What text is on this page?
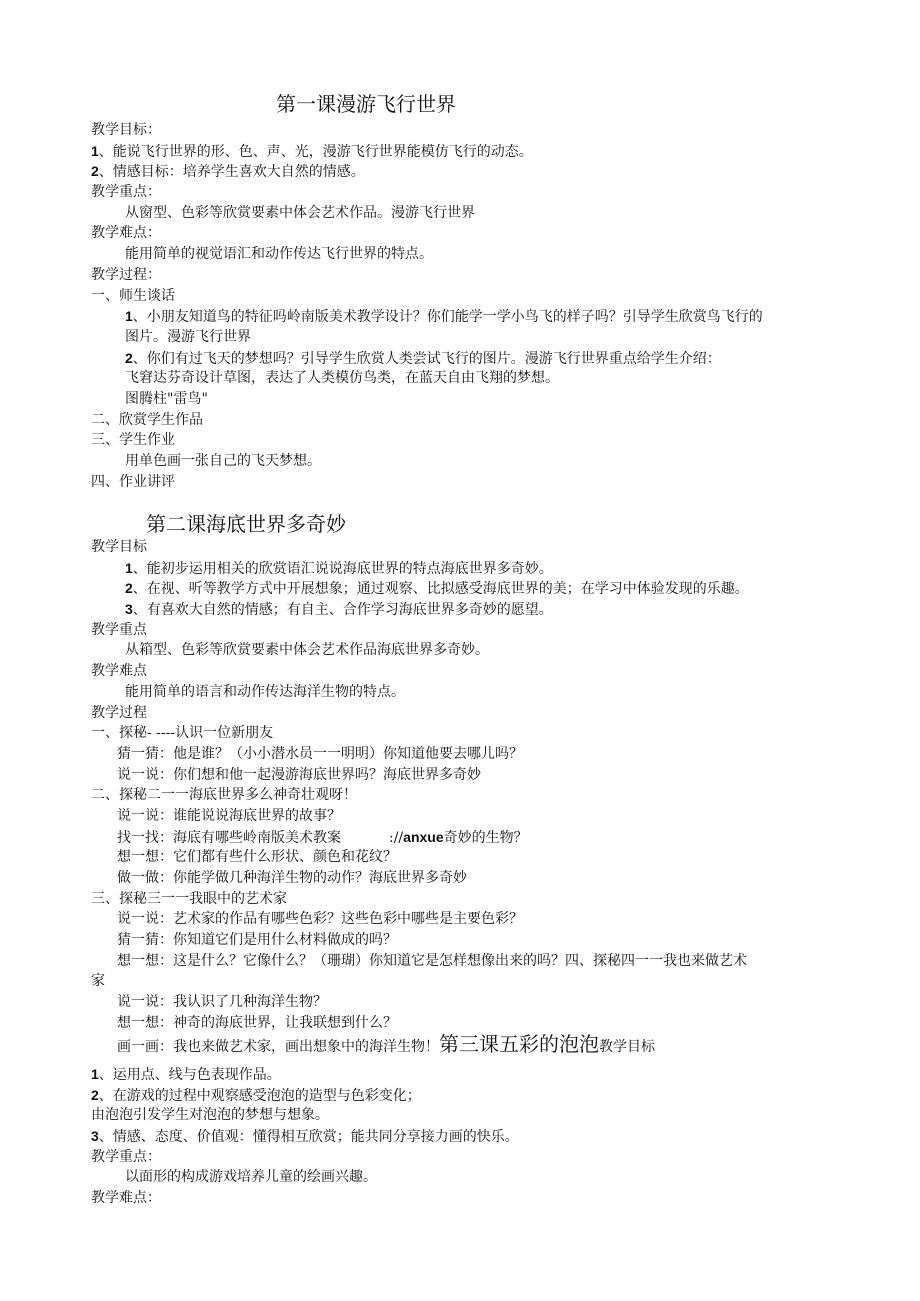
第一课漫游飞行世界
教学目标：
1、能说飞行世界的形、色、声、光，漫游飞行世界能模仿飞行的动态。
2、情感目标：培养学生喜欢大自然的情感。
教学重点：
从窗型、色彩等欣赏要素中体会艺术作品。漫游飞行世界
教学难点：
能用简单的视觉语汇和动作传达飞行世界的特点。
教学过程：
一、师生谈话
1、小朋友知道鸟的特征吗岭南版美术教学设计？你们能学一学小鸟飞的样子吗？引导学生欣赏鸟飞行的
图片。漫游飞行世界
2、你们有过飞天的梦想吗？引导学生欣赏人类尝试飞行的图片。漫游飞行世界重点给学生介绍：
飞窘达芬奇设计草图，表达了人类模仿鸟类，在蓝天自由飞翔的梦想。
图腾柱"雷鸟"
二、欣赏学生作品
三、学生作业
用单色画一张自己的飞天梦想。
四、作业讲评
第二课海底世界多奇妙
教学目标
1、能初步运用相关的欣赏语汇说说海底世界的特点海底世界多奇妙。
2、在视、听等教学方式中开展想象；通过观察、比拟感受海底世界的美；在学习中体验发现的乐趣。
3、有喜欢大自然的情感；有自主、合作学习海底世界多奇妙的愿望。
教学重点
从箱型、色彩等欣赏要素中体会艺术作品海底世界多奇妙。
教学难点
能用简单的语言和动作传达海洋生物的特点。
教学过程
一、探秘- ----认识一位新朋友
猜一猜：他是谁？（小小潜水员一一明明）你知道他要去哪儿吗？
说一说：你们想和他一起漫游海底世界吗？海底世界多奇妙
二、探秘二一一海底世界多么神奇壮观呀！
说一说：谁能说说海底世界的故事？
找一找：海底有哪些岭南版美术教案	://anxue奇妙的生物？
想一想：它们都有些什么形状、颜色和花纹？
做一做：你能学做几种海洋生物的动作？海底世界多奇妙
三、探秘三一一我眼中的艺术家
说一说：艺术家的作品有哪些色彩？这些色彩中哪些是主要色彩？
猜一猜：你知道它们是用什么材料做成的吗？
想一想：这是什么？它像什么？（珊瑚）你知道它是怎样想像出来的吗？四、探秘四一一我也来做艺术
家
说一说：我认识了几种海洋生物？
想一想：神奇的海底世界，让我联想到什么？
画一画：我也来做艺术家，画出想象中的海洋生物！第三课五彩的泡泡教学目标
1、运用点、线与色表现作品。
2、在游戏的过程中观察感受泡泡的造型与色彩变化；
由泡泡引发学生对泡泡的梦想与想象。
3、情感、态度、价值观：懂得相互欣赏；能共同分享接力画的快乐。
教学重点：
以面形的构成游戏培养儿童的绘画兴趣。
教学难点：
